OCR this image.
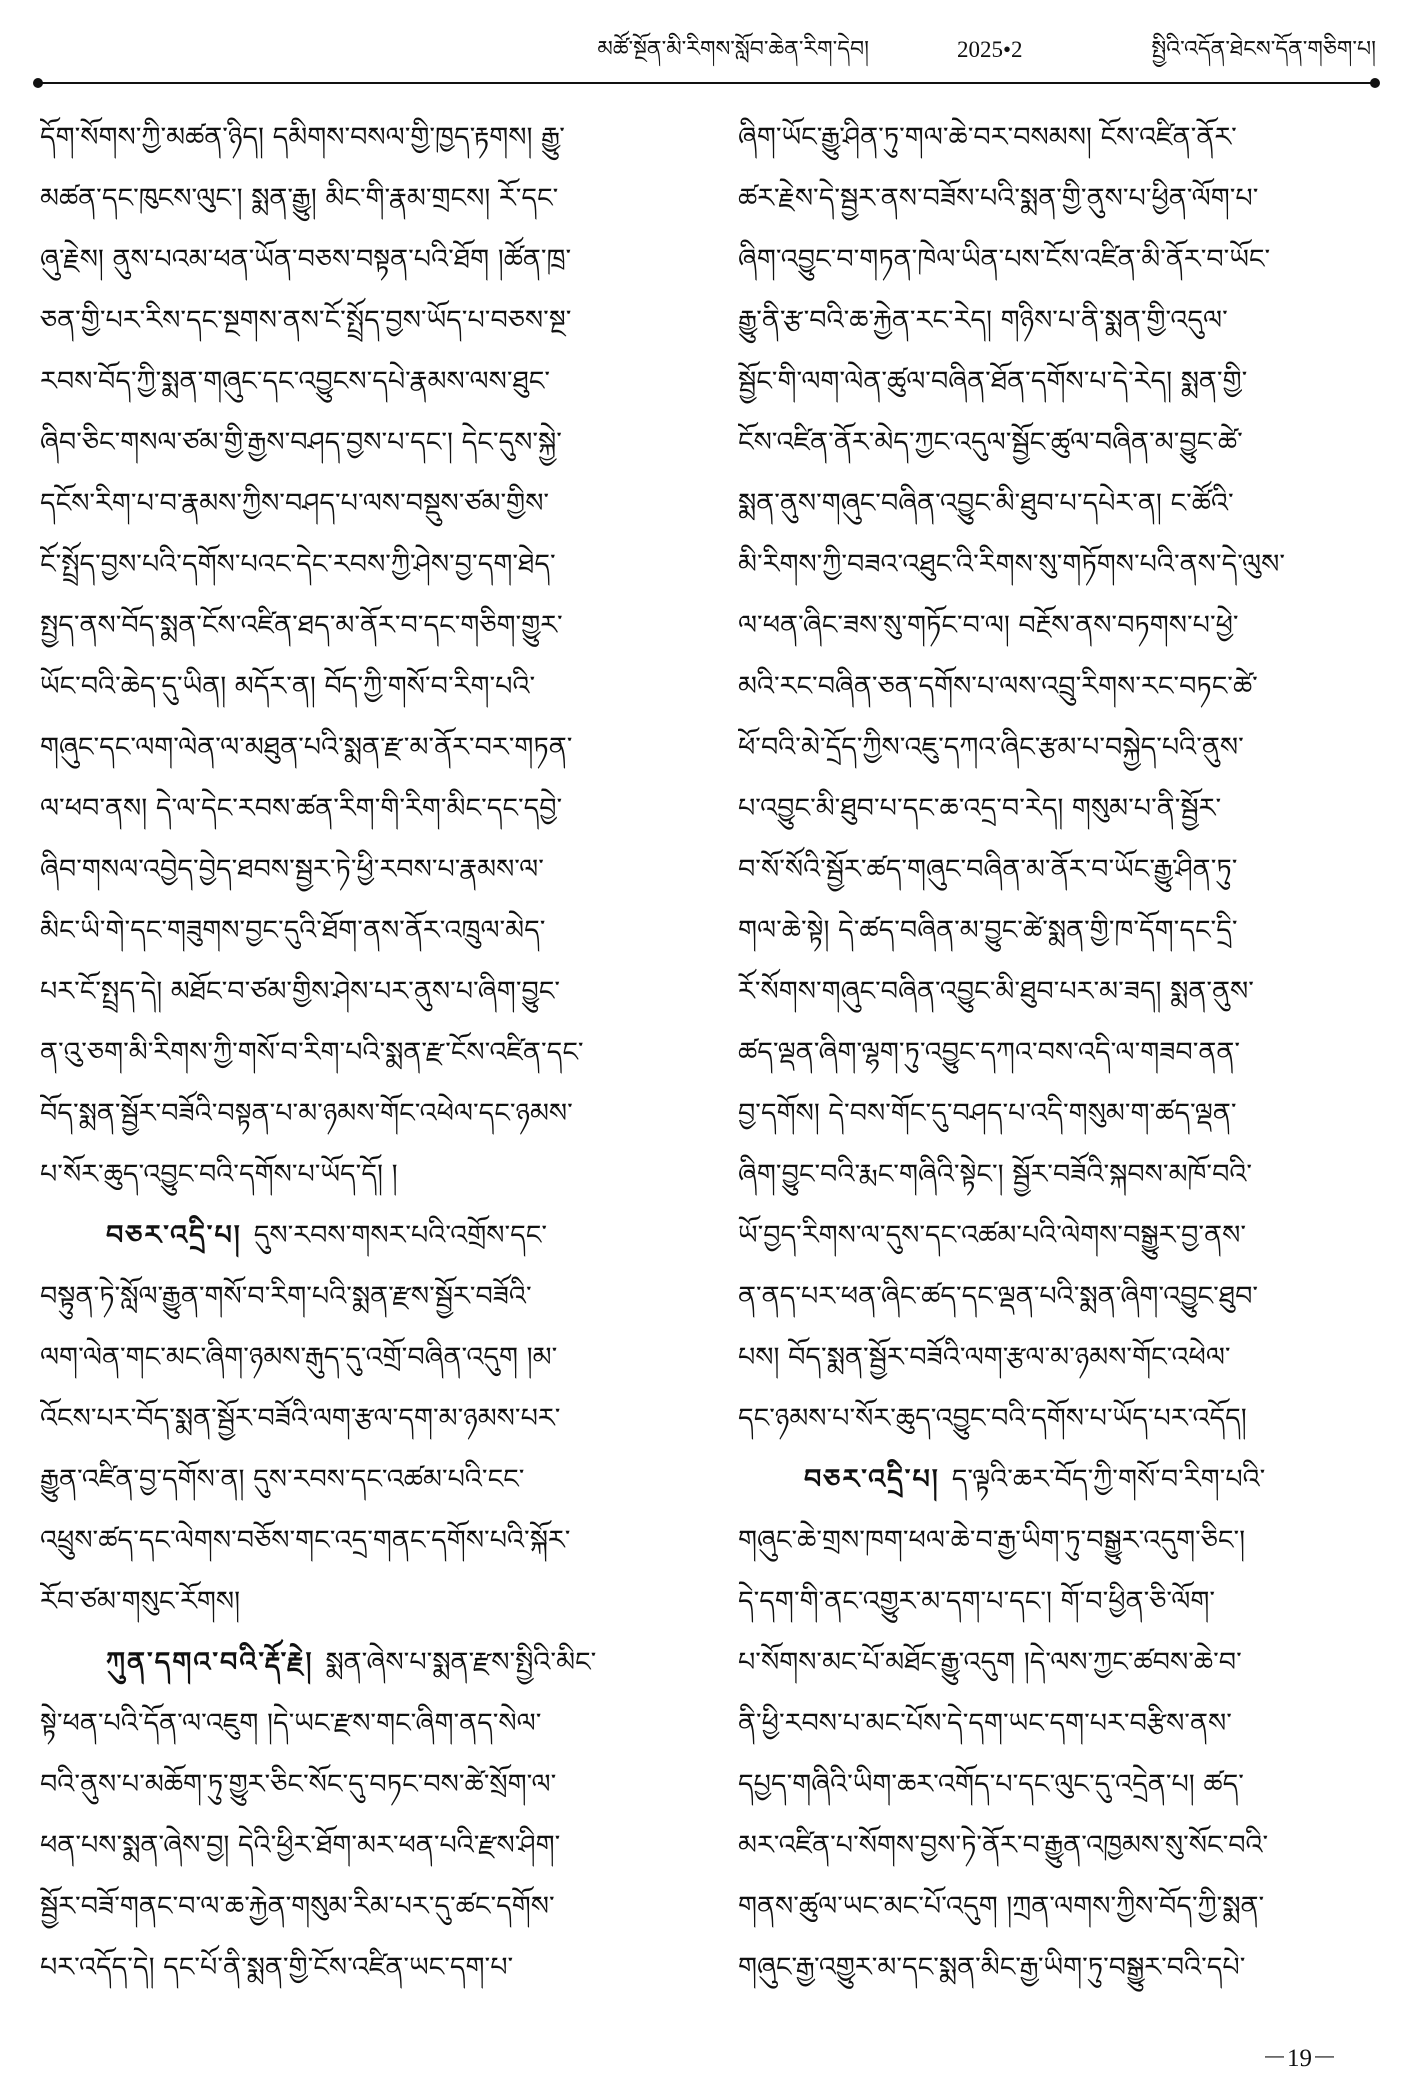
མཚོ་སྔོན་མི་རིགས་སློབ་ཆེན་རིག་དེབ།	2025•2	སྤྱིའི་འདོན་ཐེངས་དོན་གཅིག་པ།
དོག་སོགས་ཀྱི་མཚན་ཉིད། དམིགས་བསལ་གྱི་ཁྱད་རྟགས། རྒྱུ་
མཚན་དང་ཁུངས་ལུང་། སྨན་རྒྱུ། མིང་གི་རྣམ་གྲངས། རོ་དང་
ཞུ་རྗེས། ནུས་པའམ་ཕན་ཡོན་བཅས་བསྟན་པའི་ཐོག །ཚོན་ཁྲ་
ཅན་གྱི་པར་རིས་དང་སྔགས་ནས་ངོ་སྤྲོད་བྱས་ཡོད་པ་བཅས་སྔ་
རབས་བོད་ཀྱི་སྨན་གཞུང་དང་འབྱུངས་དཔེ་རྣམས་ལས་ཐུང་
ཞིབ་ཅིང་གསལ་ཙམ་གྱི་རྒྱས་བཤད་བྱས་པ་དང་། དེང་དུས་སྐྱེ་
དངོས་རིག་པ་བ་རྣམས་ཀྱིས་བཤད་པ་ལས་བསྡུས་ཙམ་གྱིས་
ངོ་སྤྲོད་བྱས་པའི་དགོས་པའང་དེང་རབས་ཀྱི་ཤེས་བྱ་དག་ཐེད་
སྤྱད་ནས་བོད་སྨན་ངོས་འཛིན་ཐད་མ་ནོར་བ་དང་གཅིག་གྱུར་
ཡོང་བའི་ཆེད་དུ་ཡིན། མདོར་ན། བོད་ཀྱི་གསོ་བ་རིག་པའི་
གཞུང་དང་ལག་ལེན་ལ་མཐུན་པའི་སྨན་རྫ་མ་ནོར་བར་གཏན་
ལ་ཕབ་ནས། དེ་ལ་དེང་རབས་ཚན་རིག་གི་རིག་མིང་དང་དབྱེ་
ཞིབ་གསལ་འབྱེད་བྱེད་ཐབས་སྦྱར་ཏེ་ཕྱི་རབས་པ་རྣམས་ལ་
མིང་ཡི་གེ་དང་གཟུགས་བྱང་དུའི་ཐོག་ནས་ནོར་འཁྲུལ་མེད་
པར་ངོ་སྤྲད་དེ། མཐོང་བ་ཙམ་གྱིས་ཤེས་པར་ནུས་པ་ཞིག་བྱུང་
ན་འུ་ཅག་མི་རིགས་ཀྱི་གསོ་བ་རིག་པའི་སྨན་རྫ་ངོས་འཛིན་དང་
བོད་སྨན་སྦྱོར་བཟོའི་བསྟན་པ་མ་ཉམས་གོང་འཕེལ་དང་ཉམས་
པ་སོར་ཆུད་འབྱུང་བའི་དགོས་པ་ཡོད་དོ། །
བཅར་འདྲི་པ། དུས་རབས་གསར་པའི་འགྲོས་དང་
བསྟུན་ཏེ་སློལ་རྒྱུན་གསོ་བ་རིག་པའི་སྨན་རྫས་སྦྱོར་བཟོའི་
ལག་ལེན་གང་མང་ཞིག་ཉམས་རྒུད་དུ་འགྲོ་བཞིན་འདུག །མ་
འོངས་པར་བོད་སྨན་སྦྱོར་བཟོའི་ལག་རྩལ་དག་མ་ཉམས་པར་
རྒྱུན་འཛིན་བྱ་དགོས་ན། དུས་རབས་དང་འཚམ་པའི་ངང་
འཕྲུས་ཚད་དང་ལེགས་བཅོས་གང་འདྲ་གནང་དགོས་པའི་སྐོར་
རོབ་ཙམ་གསུང་རོགས།
ཀུན་དགའ་བའི་རྡོ་རྗེ། སྨན་ཞེས་པ་སྨན་རྫས་སྤྱིའི་མིང་
སྟེ་ཕན་པའི་དོན་ལ་འཇུག །དེ་ཡང་རྫས་གང་ཞིག་ནད་སེལ་
བའི་ནུས་པ་མཆོག་ཏུ་གྱུར་ཅིང་སོང་དུ་བཏང་བས་ཚེ་སྲོག་ལ་
ཕན་པས་སྨན་ཞེས་བྱ། དེའི་ཕྱིར་ཐོག་མར་ཕན་པའི་རྫས་ཤིག་
སྦྱོར་བཟོ་གནང་བ་ལ་ཆ་རྐྱེན་གསུམ་རིམ་པར་དུ་ཚང་དགོས་
པར་འདོད་དེ། དང་པོ་ནི་སྨན་གྱི་ངོས་འཛིན་ཡང་དག་པ་
ཞིག་ཡོང་རྒྱུ་ཤིན་ཏུ་གལ་ཆེ་བར་བསམས། ངོས་འཛིན་ནོར་
ཚར་རྗེས་དེ་སྦྱར་ནས་བཟོས་པའི་སྨན་གྱི་ནུས་པ་ཕྱིན་ལོག་པ་
ཞིག་འབྱུང་བ་གཏན་ཁེལ་ཡིན་པས་ངོས་འཛིན་མི་ནོར་བ་ཡོང་
རྒྱུ་ནི་རྩ་བའི་ཆ་རྐྱེན་རང་རེད། གཉིས་པ་ནི་སྨན་གྱི་འདུལ་
སྦྱོང་གི་ལག་ལེན་ཚུལ་བཞིན་ཐོན་དགོས་པ་དེ་རེད། སྨན་གྱི་
ངོས་འཛིན་ནོར་མེད་ཀྱང་འདུལ་སྦྱོང་ཚུལ་བཞིན་མ་བྱུང་ཚེ་
སྨན་ནུས་གཞུང་བཞིན་འབྱུང་མི་ཐུབ་པ་དཔེར་ན། ང་ཚོའི་
མི་རིགས་ཀྱི་བཟའ་འཐུང་འི་རིགས་སུ་གཏོགས་པའི་ནས་དེ་ལུས་
ལ་ཕན་ཞིང་ཟས་སུ་གཏོང་བ་ལ། བརྔོས་ནས་བཏགས་པ་ཕྱེ་
མའི་རང་བཞིན་ཅན་དགོས་པ་ལས་འབྲུ་རིགས་རང་བཏང་ཚེ་
ཕོ་བའི་མེ་དྲོད་ཀྱིས་འཇུ་དཀའ་ཞིང་རྩམ་པ་བསྐྱེད་པའི་ནུས་
པ་འབྱུང་མི་ཐུབ་པ་དང་ཆ་འདྲ་བ་རེད། གསུམ་པ་ནི་སྦྱོར་
བ་སོ་སོའི་སྦྱོར་ཚད་གཞུང་བཞིན་མ་ནོར་བ་ཡོང་རྒྱུ་ཤིན་ཏུ་
གལ་ཆེ་སྟེ། དེ་ཚད་བཞིན་མ་བྱུང་ཚེ་སྨན་གྱི་ཁ་དོག་དང་དྲི་
རོ་སོགས་གཞུང་བཞིན་འབྱུང་མི་ཐུབ་པར་མ་ཟད། སྨན་ནུས་
ཚད་ལྡན་ཞིག་ལྷག་ཏུ་འབྱུང་དཀའ་བས་འདི་ལ་གཟབ་ནན་
བྱ་དགོས། དེ་བས་གོང་དུ་བཤད་པ་འདི་གསུམ་ག་ཚད་ལྡན་
ཞིག་བྱུང་བའི་རྨང་གཞིའི་སྟེང་། སྦྱོར་བཟོའི་སྐབས་མཁོ་བའི་
ཡོ་བྱད་རིགས་ལ་དུས་དང་འཚམ་པའི་ལེགས་བསྒྱུར་བྱ་ནས་
ན་ནད་པར་ཕན་ཞིང་ཚད་དང་ལྡན་པའི་སྨན་ཞིག་འབྱུང་ཐུབ་
པས། བོད་སྨན་སྦྱོར་བཟོའི་ལག་རྩལ་མ་ཉམས་གོང་འཕེལ་
དང་ཉམས་པ་སོར་ཆུད་འབྱུང་བའི་དགོས་པ་ཡོད་པར་འདོད།
བཅར་འདྲི་པ། ད་ལྟའི་ཆར་བོད་ཀྱི་གསོ་བ་རིག་པའི་
གཞུང་ཆེ་གྲས་ཁག་ཕལ་ཆེ་བ་རྒྱ་ཡིག་ཏུ་བསྒྱུར་འདུག་ཅིང་།
དེ་དག་གི་ནང་འགྱུར་མ་དག་པ་དང་། གོ་བ་ཕྱིན་ཅི་ལོག་
པ་སོགས་མང་པོ་མཐོང་རྒྱུ་འདུག །དེ་ལས་ཀྱང་ཚབས་ཆེ་བ་
ནི་ཕྱི་རབས་པ་མང་པོས་དེ་དག་ཡང་དག་པར་བརྩིས་ནས་
དཔྱད་གཞིའི་ཡིག་ཆར་འགོད་པ་དང་ལུང་དུ་འདྲེན་པ། ཚད་
མར་འཛིན་པ་སོགས་བྱས་ཏེ་ནོར་བ་རྒྱུན་འཁྱམས་སུ་སོང་བའི་
གནས་ཚུལ་ཡང་མང་པོ་འདུག །ཀྲན་ལགས་ཀྱིས་བོད་ཀྱི་སྨན་
གཞུང་རྒྱ་འགྱུར་མ་དང་སྨན་མིང་རྒྱ་ཡིག་ཏུ་བསྒྱུར་བའི་དཔེ་
－19－
